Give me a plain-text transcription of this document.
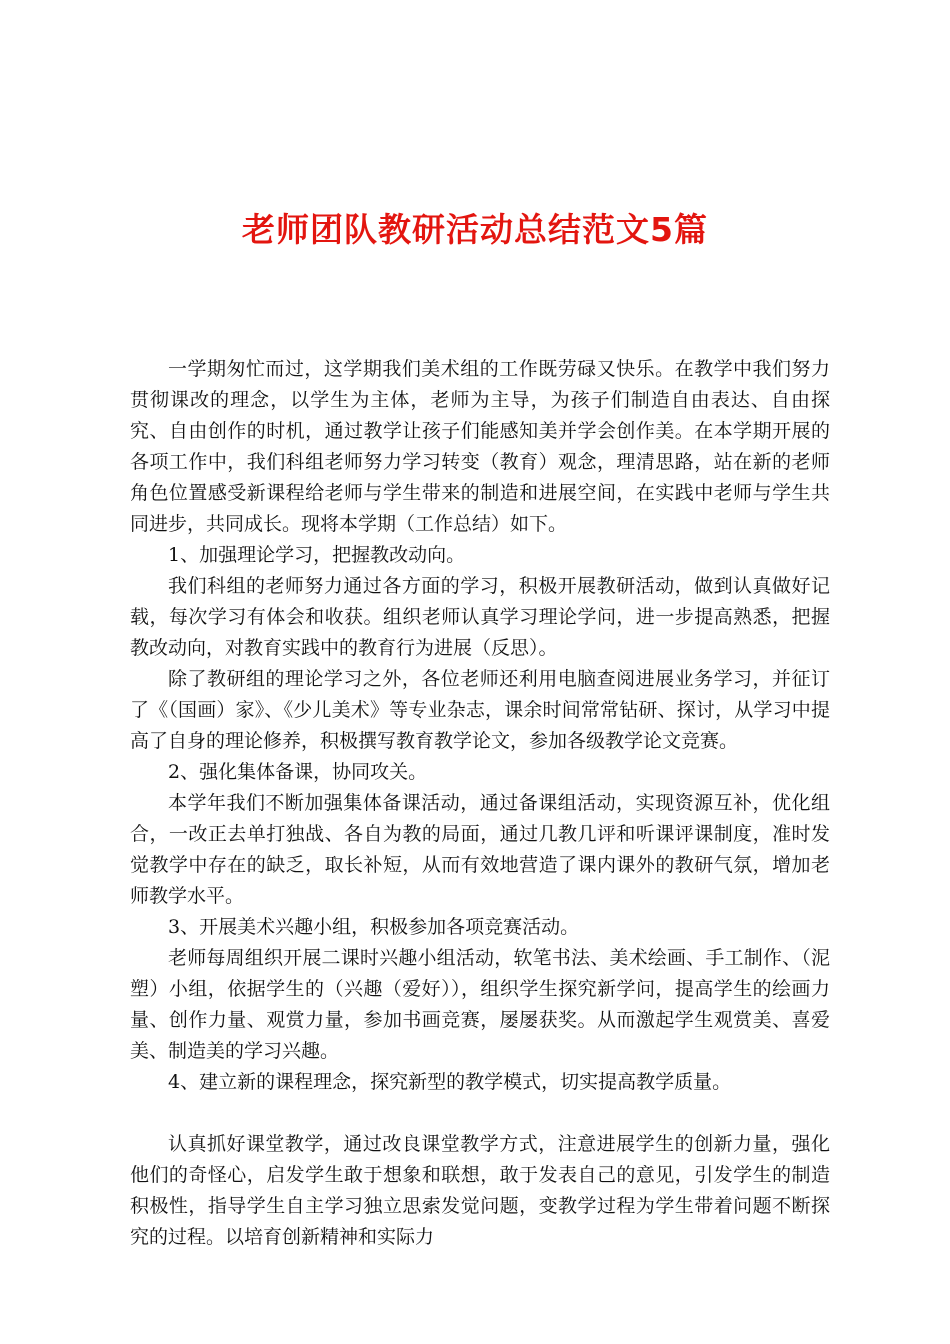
老师团队教研活动总结范文5篇

一学期匆忙而过，这学期我们美术组的工作既劳碌又快乐。在教学中我们努力贯彻课改的理念，以学生为主体，老师为主导，为孩子们制造自由表达、自由探究、自由创作的时机，通过教学让孩子们能感知美并学会创作美。在本学期开展的各项工作中，我们科组老师努力学习转变（教育）观念，理清思路，站在新的老师角色位置感受新课程给老师与学生带来的制造和进展空间，在实践中老师与学生共同进步，共同成长。现将本学期（工作总结）如下。

1、加强理论学习，把握教改动向。

我们科组的老师努力通过各方面的学习，积极开展教研活动，做到认真做好记载，每次学习有体会和收获。组织老师认真学习理论学问，进一步提高熟悉，把握教改动向，对教育实践中的教育行为进展（反思）。

除了教研组的理论学习之外，各位老师还利用电脑查阅进展业务学习，并征订了《（国画）家》、《少儿美术》等专业杂志，课余时间常常钻研、探讨，从学习中提高了自身的理论修养，积极撰写教育教学论文，参加各级教学论文竞赛。

2、强化集体备课，协同攻关。

本学年我们不断加强集体备课活动，通过备课组活动，实现资源互补，优化组合，一改正去单打独战、各自为教的局面，通过几教几评和听课评课制度，准时发觉教学中存在的缺乏，取长补短，从而有效地营造了课内课外的教研气氛，增加老师教学水平。

3、开展美术兴趣小组，积极参加各项竞赛活动。

老师每周组织开展二课时兴趣小组活动，软笔书法、美术绘画、手工制作、（泥塑）小组，依据学生的（兴趣（爱好）），组织学生探究新学问，提高学生的绘画力量、创作力量、观赏力量，参加书画竞赛，屡屡获奖。从而激起学生观赏美、喜爱美、制造美的学习兴趣。

4、建立新的课程理念，探究新型的教学模式，切实提高教学质量。

认真抓好课堂教学，通过改良课堂教学方式，注意进展学生的创新力量，强化他们的奇怪心，启发学生敢于想象和联想，敢于发表自己的意见，引发学生的制造积极性，指导学生自主学习独立思索发觉问题，变教学过程为学生带着问题不断探究的过程。以培育创新精神和实际力
